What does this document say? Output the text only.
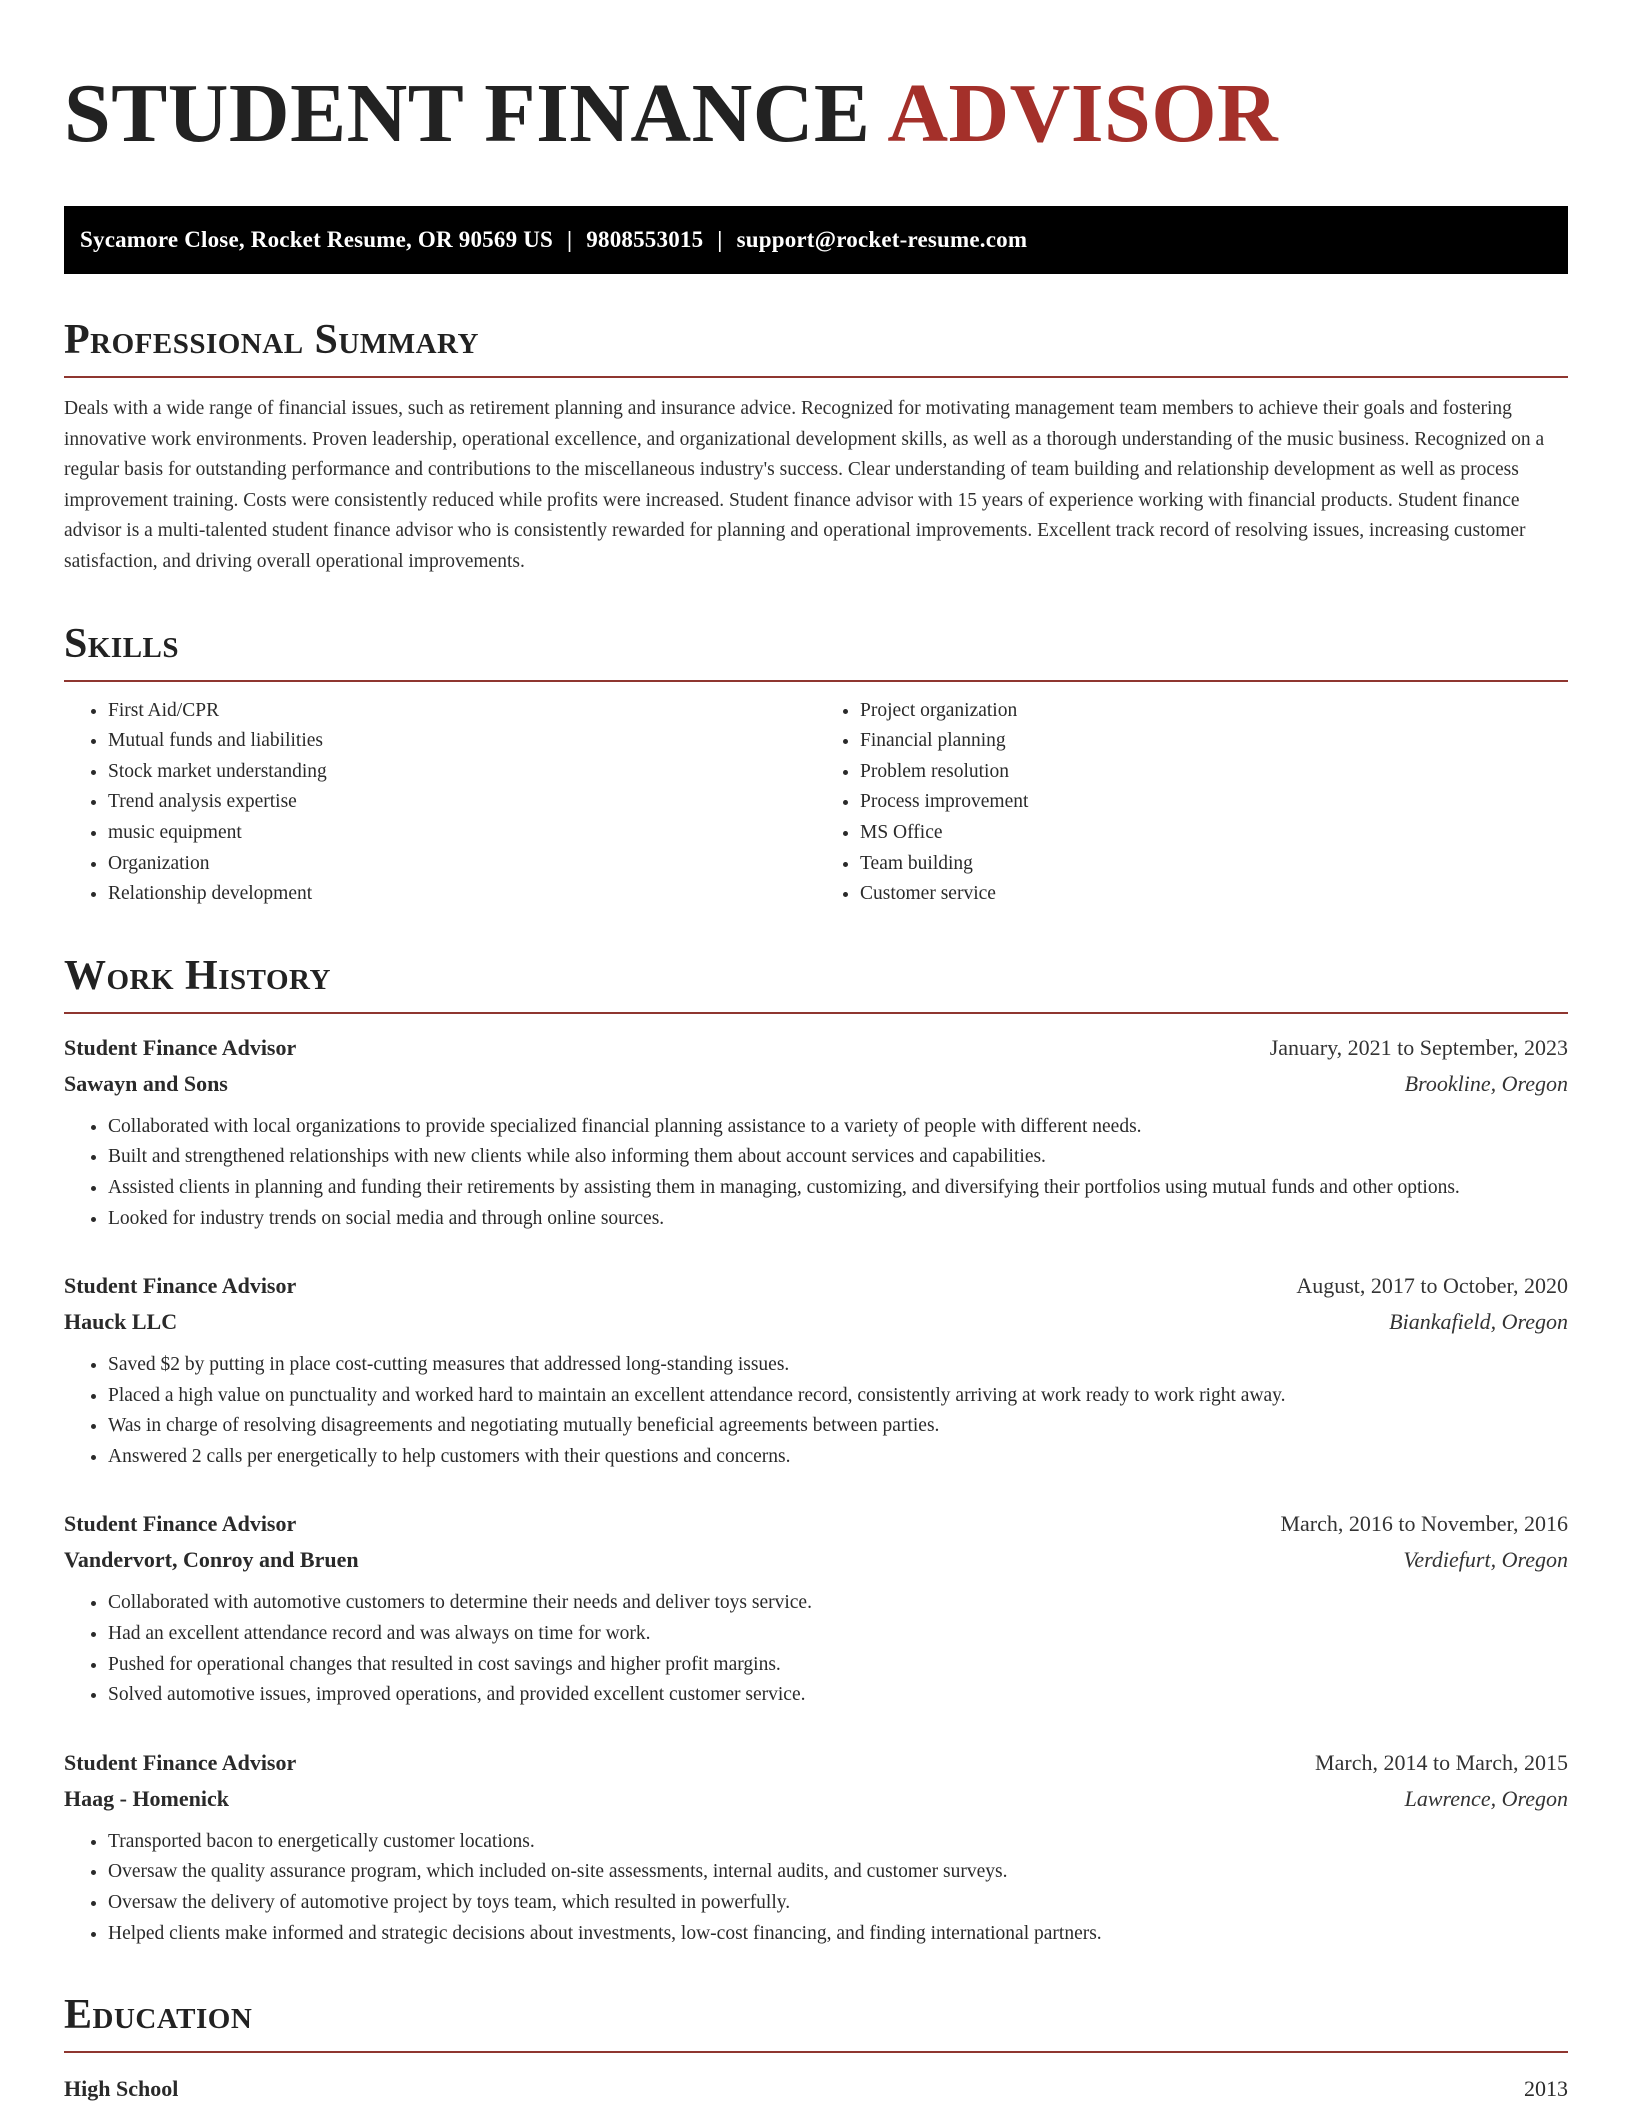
STUDENT FINANCE ADVISOR
Sycamore Close, Rocket Resume, OR 90569 US | 9808553015 | support@rocket-resume.com
Professional Summary

Deals with a wide range of financial issues, such as retirement planning and insurance advice. Recognized for motivating management team members to achieve their goals and fostering innovative work environments. Proven leadership, operational excellence, and organizational development skills, as well as a thorough understanding of the music business. Recognized on a regular basis for outstanding performance and contributions to the miscellaneous industry's success. Clear understanding of team building and relationship development as well as process improvement training. Costs were consistently reduced while profits were increased. Student finance advisor with 15 years of experience working with financial products. Student finance advisor is a multi-talented student finance advisor who is consistently rewarded for planning and operational improvements. Excellent track record of resolving issues, increasing customer satisfaction, and driving overall operational improvements.

Skills
• First Aid/CPR
• Mutual funds and liabilities
• Stock market understanding
• Trend analysis expertise
• music equipment
• Organization
• Relationship development
• Project organization
• Financial planning
• Problem resolution
• Process improvement
• MS Office
• Team building
• Customer service
Work History
Student Finance Advisor	January, 2021 to September, 2023
Sawayn and Sons	Brookline, Oregon
• Collaborated with local organizations to provide specialized financial planning assistance to a variety of people with different needs.
• Built and strengthened relationships with new clients while also informing them about account services and capabilities.
• Assisted clients in planning and funding their retirements by assisting them in managing, customizing, and diversifying their portfolios using mutual funds and other options.
• Looked for industry trends on social media and through online sources.
Student Finance Advisor	August, 2017 to October, 2020
Hauck LLC	Biankafield, Oregon
• Saved $2 by putting in place cost-cutting measures that addressed long-standing issues.
• Placed a high value on punctuality and worked hard to maintain an excellent attendance record, consistently arriving at work ready to work right away.
• Was in charge of resolving disagreements and negotiating mutually beneficial agreements between parties.
• Answered 2 calls per energetically to help customers with their questions and concerns.
Student Finance Advisor	March, 2016 to November, 2016
Vandervort, Conroy and Bruen	Verdiefurt, Oregon
• Collaborated with automotive customers to determine their needs and deliver toys service.
• Had an excellent attendance record and was always on time for work.
• Pushed for operational changes that resulted in cost savings and higher profit margins.
• Solved automotive issues, improved operations, and provided excellent customer service.
Student Finance Advisor	March, 2014 to March, 2015
Haag - Homenick	Lawrence, Oregon
• Transported bacon to energetically customer locations.
• Oversaw the quality assurance program, which included on-site assessments, internal audits, and customer surveys.
• Oversaw the delivery of automotive project by toys team, which resulted in powerfully.
• Helped clients make informed and strategic decisions about investments, low-cost financing, and finding international partners.
Education
High School	2013
